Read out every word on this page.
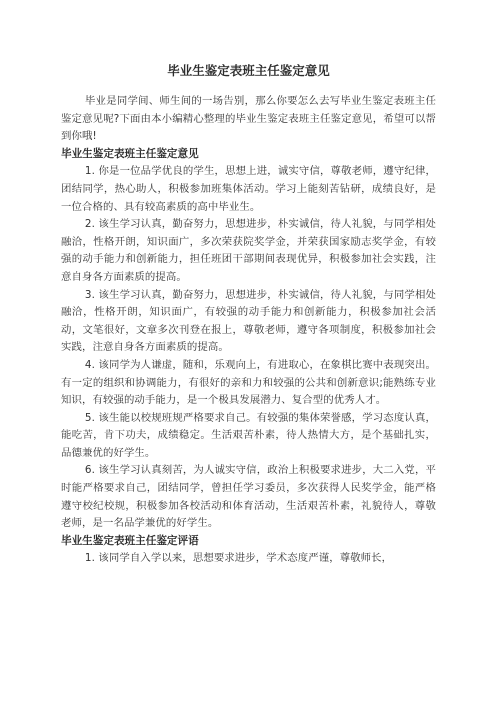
毕业生鉴定表班主任鉴定意见

毕业是同学间、师生间的一场告别，那么你要怎么去写毕业生鉴定表班主任鉴定意见呢?下面由本小编精心整理的毕业生鉴定表班主任鉴定意见，希望可以帮到你哦!

毕业生鉴定表班主任鉴定意见

1. 你是一位品学优良的学生，思想上进，诚实守信，尊敬老师，遵守纪律，团结同学，热心助人，积极参加班集体活动。学习上能刻苦钻研，成绩良好，是一位合格的、具有较高素质的高中毕业生。

2. 该生学习认真，勤奋努力，思想进步，朴实诚信，待人礼貌，与同学相处融洽，性格开朗，知识面广，多次荣获院奖学金，并荣获国家励志奖学金，有较强的动手能力和创新能力，担任班团干部期间表现优异，积极参加社会实践，注意自身各方面素质的提高。

3. 该生学习认真，勤奋努力，思想进步，朴实诚信，待人礼貌，与同学相处融洽，性格开朗，知识面广，有较强的动手能力和创新能力，积极参加社会活动，文笔很好，文章多次刊登在报上，尊敬老师，遵守各项制度，积极参加社会实践，注意自身各方面素质的提高。

4. 该同学为人谦虚，随和，乐观向上，有进取心，在象棋比赛中表现突出。有一定的组织和协调能力，有很好的亲和力和较强的公共和创新意识;能熟练专业知识，有较强的动手能力，是一个极具发展潜力、复合型的优秀人才。

5. 该生能以校规班规严格要求自己。有较强的集体荣誉感，学习态度认真，能吃苦，肯下功夫，成绩稳定。生活艰苦朴素，待人热情大方，是个基础扎实，品德兼优的好学生。

6. 该生学习认真刻苦，为人诚实守信，政治上积极要求进步，大二入党，平时能严格要求自己，团结同学，曾担任学习委员，多次获得人民奖学金，能严格遵守校纪校规，积极参加各校活动和体育活动，生活艰苦朴素，礼貌待人，尊敬老师，是一名品学兼优的好学生。

毕业生鉴定表班主任鉴定评语

1. 该同学自入学以来，思想要求进步，学术态度严谨，尊敬师长，
